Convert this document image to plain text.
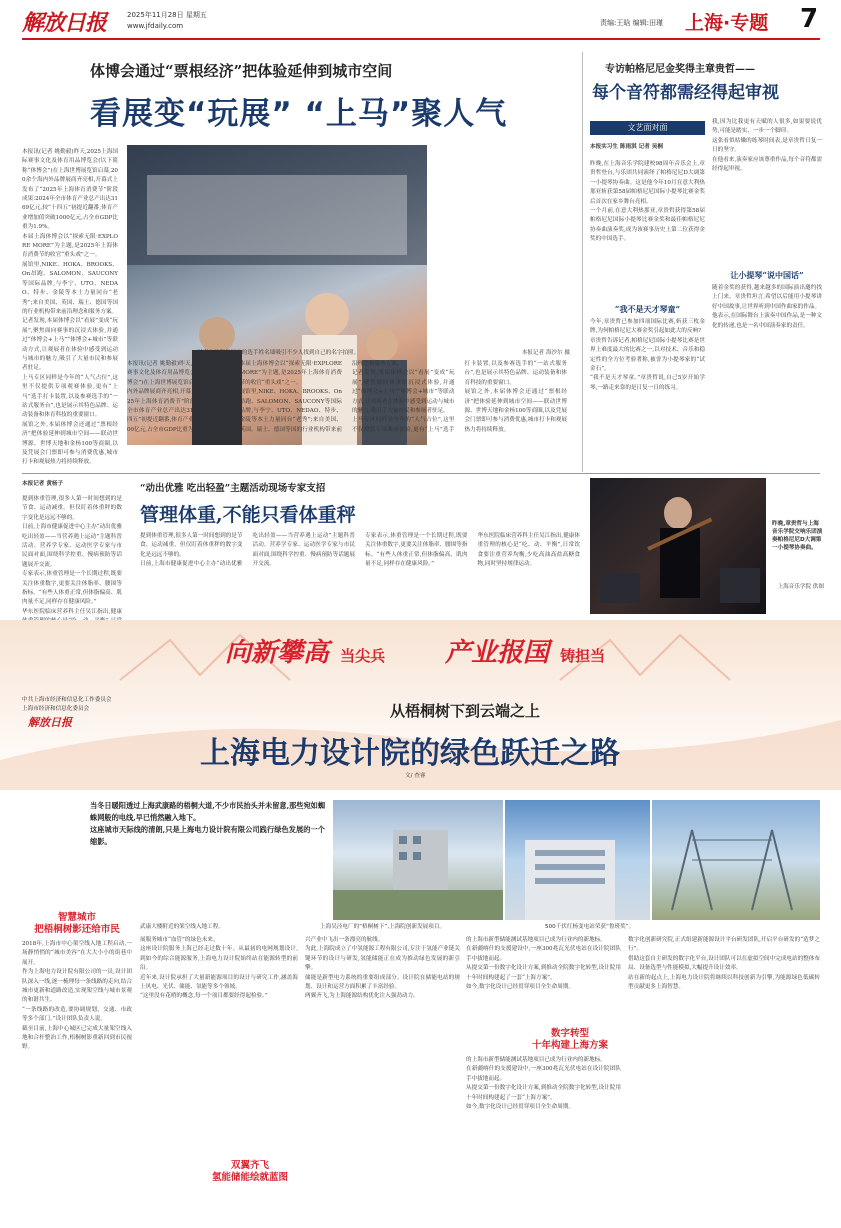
解放日报	2025年11月28日 星期五
www.jfdaily.com	责编:王晗 编辑:田瑾 上海·专题 7
体博会通过“票根经济”把体验延伸到城市空间
看展变“玩展” “上马”聚人气
本报讯(记者 姚勤毅)昨天,2025上海国际赛事文化及体育用品博览会(以下简称“体博会”)在上海世博展览馆启幕,200余个海内外品牌展商齐亮相,开幕式上发布了“2025年上海体育消费节”阶段成果:2024年全市体育产业总产出达3169亿元,较“十四五”初提近翻番,体育产业增加值突破1000亿元,占全市GDP比重为1.9%。
本届上海体博会以“探索无限·EXPLORE MORE”为主题,是2025年上海体育消费节的收官“重头戏”之一。
展馆里,NIKE、HOKA、BROOKS、On昂跑、SALOMON、SAUCONY等国际品牌,与李宁、UTO、NEDAO、特步、金陵等本土力量同台“老秀”;来自美国、英国、瑞士、德国等国的行业机构带来前沿理念和服务方案。
记者发现,本届体博会以“看展”变成“玩展”,聚焦面向赛事的沉浸式体验,并通过“体博会+上马”“体博会+城市”等联动方式,让观展者在体验中感受到运动与城市的魅力,吸引了大量市民和参展者驻足。
上马专区同样是今年的“人气占位”,这里不仅提供专项观赛体验,更有“上马”选手打卡装置,以及参赛选手的“一站式服务台”,也是展示其特色品牌、运动装备和体育科技的重要窗口。
展馆之外,本届体博会还通过“票根经济”把体验延伸到城市空间——联动世博源、世博天地和金杨100等商圈,以及凭展会门票即可参与消费优惠,城市打卡和观展热力将持续释放。
耐克上马装备区内的选手姓名墙吸引不少人找到自己的名字拍照。	本报记者 海沙尔 摄
本报讯(记者 姚勤毅)昨天,2025上海国际赛事文化及体育用品博览会(以下简称“体博会”)在上海世博展览馆启幕,200余个海内外品牌展商齐亮相,开幕式上发布了“2025年上海体育消费节”阶段成果:2024年全市体育产业总产出达3169亿元,较“十四五”初提近翻番,体育产业增加值突破1000亿元,占全市GDP比重为1.9%。
本届上海体博会以“探索无限·EXPLORE MORE”为主题,是2025年上海体育消费节的收官“重头戏”之一。
展馆里,NIKE、HOKA、BROOKS、On昂跑、SALOMON、SAUCONY等国际品牌,与李宁、UTO、NEDAO、特步、金陵等本土力量同台“老秀”;来自美国、英国、瑞士、德国等国的行业机构带来前沿理念和服务方案。
记者发现,本届体博会以“看展”变成“玩展”,聚焦面向赛事的沉浸式体验,并通过“体博会+上马”“体博会+城市”等联动方式,让观展者在体验中感受到运动与城市的魅力,吸引了大量市民和参展者驻足。
上马专区同样是今年的“人气占位”,这里不仅提供专项观赛体验,更有“上马”选手打卡装置,以及参赛选手的“一站式服务台”,也是展示其特色品牌、运动装备和体育科技的重要窗口。
展馆之外,本届体博会还通过“票根经济”把体验延伸到城市空间——联动世博源、世博天地和金杨100等商圈,以及凭展会门票即可参与消费优惠,城市打卡和观展热力将持续释放。
专访帕格尼尼金奖得主章贵哲——
每个音符都需经得起审视
文艺面对面
本报实习生 陈雨淇 记者 吴桐
昨晚,在上海音乐学院建校98周年音乐会上,章贵哲登台,与乐团共同演绎了帕格尼尼D大调第一小提琴协奏曲。这是他今年10月在意大利热那亚斩获第58届帕格尼尼国际小提琴比赛金奖后首次在家乡舞台亮相。
一个月前,在意大利热那亚,章贵哲获得第58届帕格尼尼国际小提琴比赛金奖和最佳帕格尼尼协奏曲演奏奖,成为该赛事历史上第二位获得金奖的中国选手。
“我不是天才琴童”
今年,章贵哲已参加四项国际比赛,斩获三枚金牌,为何帕格尼尼大赛金奖引起如此大的反响?
章贵哲告诉记者,帕格尼尼国际小提琴比赛是世界上难度最大的比赛之一,以对技术、音乐和稳定性的全方位考验著称,被誉为小提琴家的“试金石”。
“我不是天才琴童。”章贵哲说,自己5岁开始学琴,一路走来靠的是日复一日的练习。
我,因为比我更有天赋的人很多,如果要说优势,可能是踏实、一步一个脚印。
这张看似枯燥的练琴时间表,是章贵哲日复一日的坚守。
在他看来,演奏家应该尊重作品,每个音符都需经得起审视。
让小提琴“说中国话”
随着金奖的获得,越来越多的国际演出邀约找上门来。章贵哲坦言,希望以后能用小提琴讲好中国故事,让世界听到中国作曲家的作品。
他表示,在国际舞台上演奏中国作品,是一种文化的传递,也是一名中国演奏家的责任。
本报记者 黄杨子
提到体重管理,很多人第一时间想到的是节食、运动减重。但仅盯着体重秤的数字变化是远远不够的。
日前,上海市健康促进中心主办“动出优雅 吃出轻盈——当营养遇上运动”主题科普活动。营养学专家、运动医学专家与市民面对面,围绕科学控重、慢病预防等话题展开交流。
专家表示,体重管理是一个长期过程,既要关注体重数字,更要关注体脂率、腰围等指标。“有些人体重正常,但体脂偏高、肌肉量不足,同样存在健康风险。”
华东医院临床营养科主任吴江指出,健康
“动出优雅 吃出轻盈”主题活动现场专家支招
管理体重,不能只看体重秤
提到体重管理,很多人第一时间想到的是节食、运动减重。但仅盯着体重秤的数字变化是远远不够的。
日前,上海市健康促进中心主办“动出优雅 吃出轻盈——当营养遇上运动”主题科普活动。营养学专家、运动医学专家与市民面对面,围绕科学控重、慢病预防等话题展开交流。
专家表示,体重管理是一个长期过程,既要关注体重数字,更要关注体脂率、腰围等指标。“有些人体重正常,但体脂偏高、肌肉量不足,同样存在健康风险。”
华东医院临床营养科主任吴江指出,健康体重管理的核心是“吃、动、平衡”,日常饮食要注重营养均衡,少吃高油高盐高糖食物,同时坚持规律运动。
昨晚,章贵哲与上海音乐学院交响乐团演奏帕格尼尼D大调第一小提琴协奏曲。
上海音乐学院 供图
向新攀高 当尖兵 产业报国 铸担当
中共上海市经济和信息化工作委员会
上海市经济和信息化委员会
解放日报
从梧桐树下到云端之上
上海电力设计院的绿色跃迁之路
文/ 查睿
当冬日暖阳透过上海武康路的梧桐大道,不少市民抬头并未留意,那些宛如蜘蛛网般的电线,早已悄然融入地下。
这座城市天际线的清朗,只是上海电力设计院有限公司践行绿色发展的一个缩影。
武康大楼附近的架空线入地工程。	上海吴泾电厂的“梧桐树下”,上海院创新发展项目。	500千伏红杨变电站荣获“鲁班奖”。
智慧城市
把梧桐树影还给市民
2018年,上海市中心架空线入地工程启动,一场静悄悄的“城市美容”在大大小小的街巷中展开。
作为上海电力设计院有限公司的一员,设计团队深入一线,逐一梳理每一条线路的走向,结合城市更新和道路改造,实现架空线与城市景观的和谐共生。
“一条线路的改造,要协调规划、交通、市政等多个部门。”设计团队负责人说。
截至目前,上海中心城区已完成大量架空线入地和合杆整治工作,梧桐树影重新回到市民视野。
展服务城市“血管”的绿色未来。
这座设计院服务上海已经走过数十年。从最初的电网规划设计,到如今的综合能源服务,上海电力设计院始终站在能源转型的前沿。
近年来,设计院承担了大量新能源项目的设计与研究工作,涵盖海上风电、光伏、储能、氢能等多个领域。
“这里没有花哨的概念,每一个项目都要经得起检验。”
双翼齐飞
氢能储能绘就蓝图
兴产业中飞出一条漂亮的航线。
为此,上海院成立了中氢能源工程有限公司,专注于氢能产业链关键环节的设计与研发,氢能储能正在成为推动绿色发展的新引擎。
储能是新型电力系统的重要组成部分。设计院在储能电站的规划、设计和运营方面积累了丰富经验。
两翼齐飞,为上海能源结构优化注入强劲动力。
的上海市新型储能测试基地项目已成为行业内的新地标。
在新疆喀什的支援建设中,一座300兆瓦光伏电站在设计院团队手中拔地而起。
从提交第一份数字化设计方案,到推动全院数字化转型,设计院用十年时间构建起了一套“上海方案”。
如今,数字化设计已经贯穿项目全生命周期。
数字转型
十年构建上海方案
的上海市新型储能测试基地项目已成为行业内的新地标。
在新疆喀什的支援建设中,一座300兆瓦光伏电站在设计院团队手中拔地而起。
从提交第一份数字化设计方案,到推动全院数字化转型,设计院用十年时间构建起了一套“上海方案”。
如今,数字化设计已经贯穿项目全生命周期。
数字化创新研究院,正式组建新能源设计平台研发团队,开启平台研发的“造梦之行”。
借助这套自主研发的数字化平台,设计团队可以在虚拟空间中完成电站的整体布局、设备选型与性能模拟,大幅提升设计效率。
站在新的起点上,上海电力设计院将继续以科技创新为引擎,为能源绿色低碳转型贡献更多上海智慧。
